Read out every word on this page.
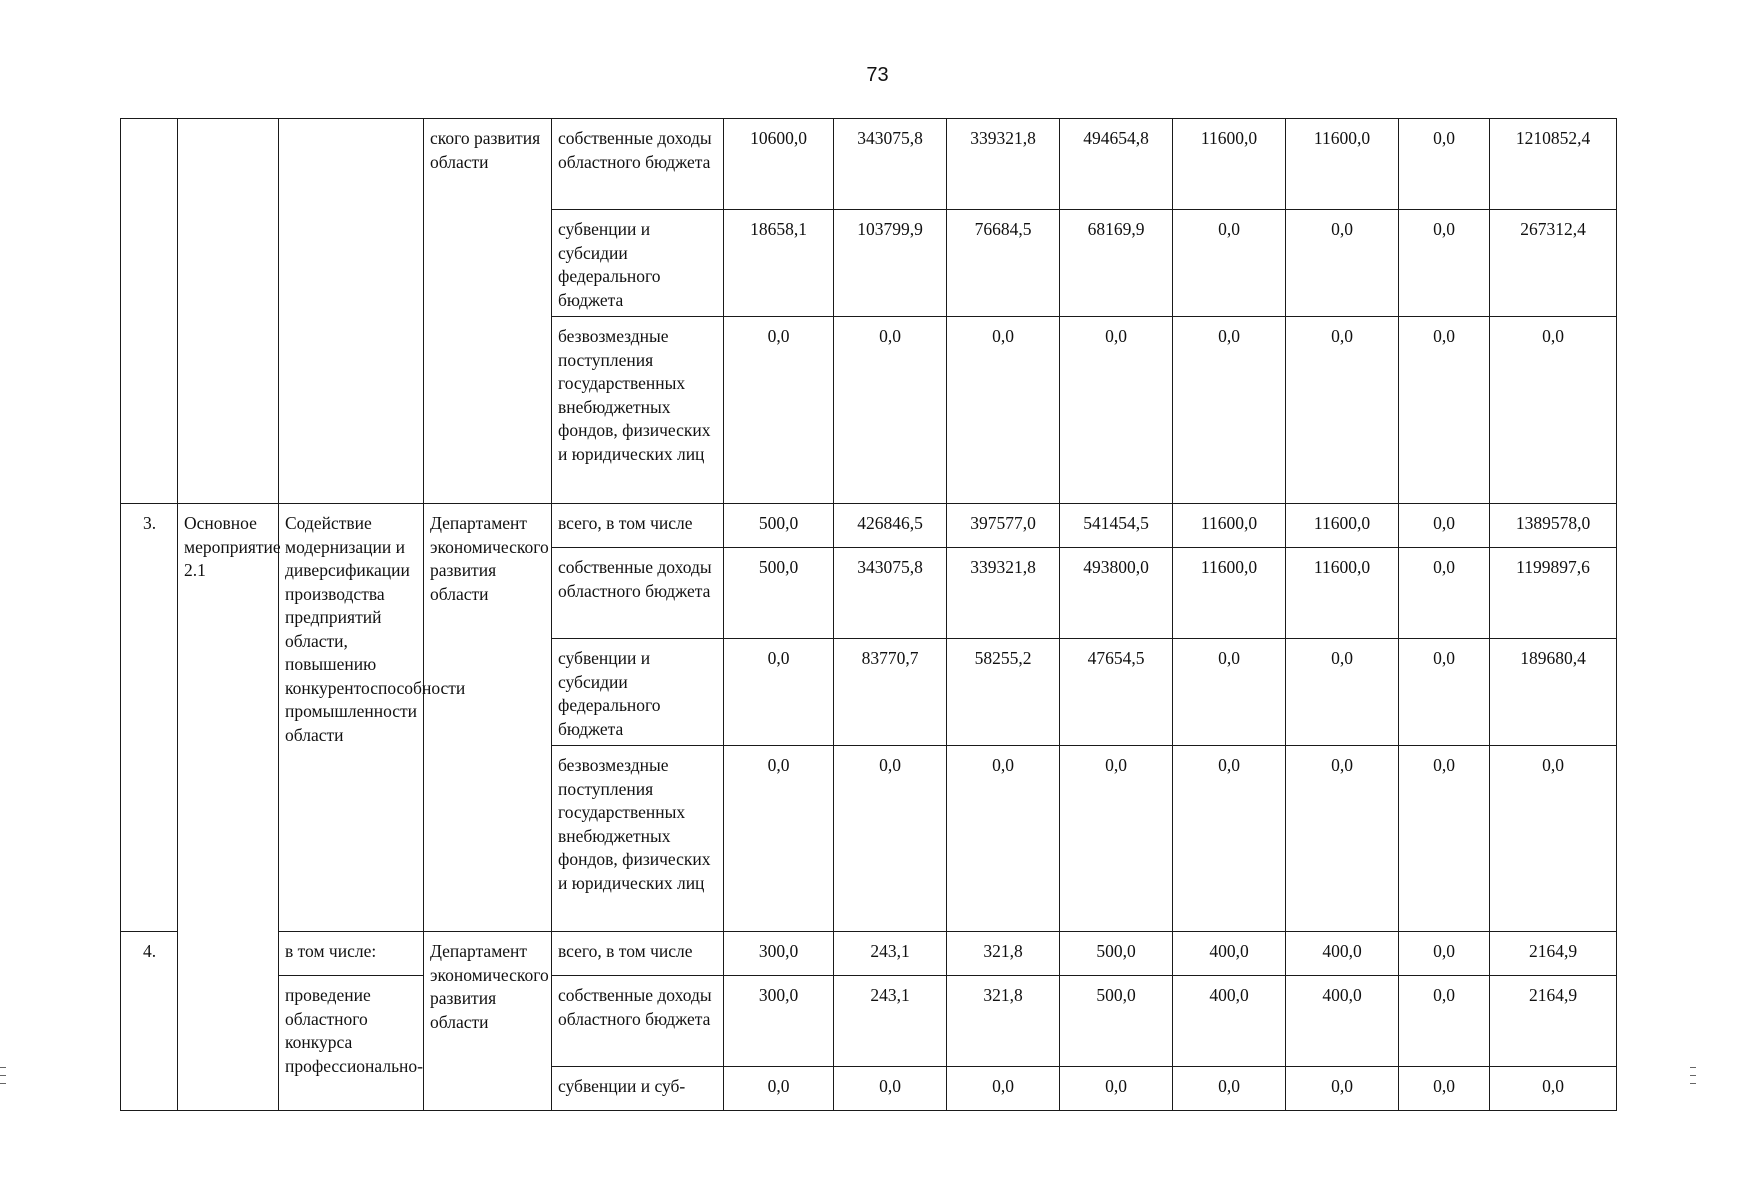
73
			ского развития области	собственные доходы областного бюджета	10600,0	343075,8	339321,8	494654,8	11600,0	11600,0	0,0	1210852,4
				субвенции и субсидии федерального бюджета	18658,1	103799,9	76684,5	68169,9	0,0	0,0	0,0	267312,4
				безвозмездные поступления государственных внебюджетных фондов, физических и юридических лиц	0,0	0,0	0,0	0,0	0,0	0,0	0,0	0,0
3.	Основное мероприятие 2.1	Содействие модернизации и диверсификации производства предприятий области, повышению конкурентоспособности промышленности области	Департамент экономического развития области	всего, в том числе	500,0	426846,5	397577,0	541454,5	11600,0	11600,0	0,0	1389578,0
				собственные доходы областного бюджета	500,0	343075,8	339321,8	493800,0	11600,0	11600,0	0,0	1199897,6
				субвенции и субсидии федерального бюджета	0,0	83770,7	58255,2	47654,5	0,0	0,0	0,0	189680,4
				безвозмездные поступления государственных внебюджетных фондов, физических и юридических лиц	0,0	0,0	0,0	0,0	0,0	0,0	0,0	0,0
4.		в том числе:	Департамент экономического развития области	всего, в том числе	300,0	243,1	321,8	500,0	400,0	400,0	0,0	2164,9
		проведение областного конкурса профессионально-		собственные доходы областного бюджета	300,0	243,1	321,8	500,0	400,0	400,0	0,0	2164,9
				субвенции и суб-	0,0	0,0	0,0	0,0	0,0	0,0	0,0	0,0
